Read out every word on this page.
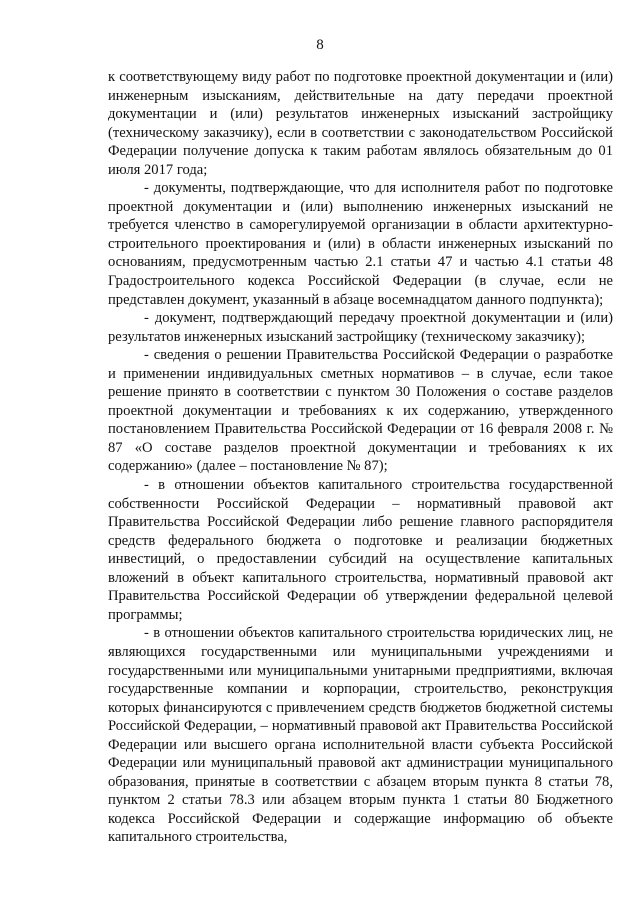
8

к соответствующему виду работ по подготовке проектной документации и (или) инженерным изысканиям, действительные на дату передачи проектной документации и (или) результатов инженерных изысканий застройщику (техническому заказчику), если в соответствии с законодательством Российской Федерации получение допуска к таким работам являлось обязательным до 01 июля 2017 года;

- документы, подтверждающие, что для исполнителя работ по подготовке проектной документации и (или) выполнению инженерных изысканий не требуется членство в саморегулируемой организации в области архитектурно-строительного проектирования и (или) в области инженерных изысканий по основаниям, предусмотренным частью 2.1 статьи 47 и частью 4.1 статьи 48 Градостроительного кодекса Российской Федерации (в случае, если не представлен документ, указанный в абзаце восемнадцатом данного подпункта);

- документ, подтверждающий передачу проектной документации и (или) результатов инженерных изысканий застройщику (техническому заказчику);

- сведения о решении Правительства Российской Федерации о разработке и применении индивидуальных сметных нормативов – в случае, если такое решение принято в соответствии с пунктом 30 Положения о составе разделов проектной документации и требованиях к их содержанию, утвержденного постановлением Правительства Российской Федерации от 16 февраля 2008 г. № 87 «О составе разделов проектной документации и требованиях к их содержанию» (далее – постановление № 87);

- в отношении объектов капитального строительства государственной собственности Российской Федерации – нормативный правовой акт Правительства Российской Федерации либо решение главного распорядителя средств федерального бюджета о подготовке и реализации бюджетных инвестиций, о предоставлении субсидий на осуществление капитальных вложений в объект капитального строительства, нормативный правовой акт Правительства Российской Федерации об утверждении федеральной целевой программы;

- в отношении объектов капитального строительства юридических лиц, не являющихся государственными или муниципальными учреждениями и государственными или муниципальными унитарными предприятиями, включая государственные компании и корпорации, строительство, реконструкция которых финансируются с привлечением средств бюджетов бюджетной системы Российской Федерации, – нормативный правовой акт Правительства Российской Федерации или высшего органа исполнительной власти субъекта Российской Федерации или муниципальный правовой акт администрации муниципального образования, принятые в соответствии с абзацем вторым пункта 8 статьи 78, пунктом 2 статьи 78.3 или абзацем вторым пункта 1 статьи 80 Бюджетного кодекса Российской Федерации и содержащие информацию об объекте капитального строительства,
